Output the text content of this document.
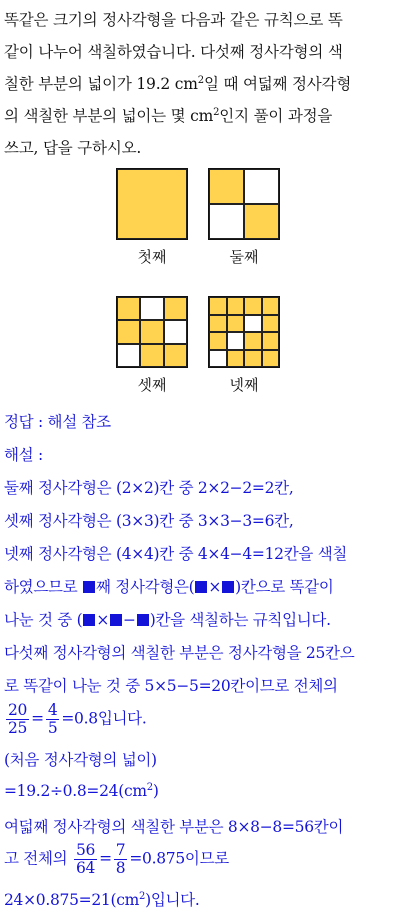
똑같은 크기의 정사각형을 다음과 같은 규칙으로 똑
같이 나누어 색칠하였습니다. 다섯째 정사각형의 색
칠한 부분의 넓이가 19.2 $cm^2$일 때 여덟째 정사각형
의 색칠한 부분의 넓이는 몇 $cm^2$인지 풀이 과정을
쓰고, 답을 구하시오.
첫째	둘째
셋째	넷째
정답 : 해설 참조
해설 :
둘째 정사각형은 (2×2)칸 중 2×2−2=2칸,
셋째 정사각형은 (3×3)칸 중 3×3−3=6칸,
넷째 정사각형은 (4×4)칸 중 4×4−4=12칸을 색칠
하였으므로 째 정사각형은( × )칸으로 똑같이
나눈 것 중 ( × − )칸을 색칠하는 규칙입니다.
다섯째 정사각형의 색칠한 부분은 정사각형을 25칸으
로 똑같이 나눈 것 중 5×5−5=20칸이므로 전체의
$\frac{20}{25} = \frac{4}{5} =0.8$입니다.
(처음 정사각형의 넓이)
$=19.2\div 0.8=24(cm^2)$
여덟째 정사각형의 색칠한 부분은 8×8−8=56칸이
고 전체의 $\frac{56}{64} = \frac{7}{8} =0.875$이므로
$24\times 0.875=21(cm^2)$입니다.
